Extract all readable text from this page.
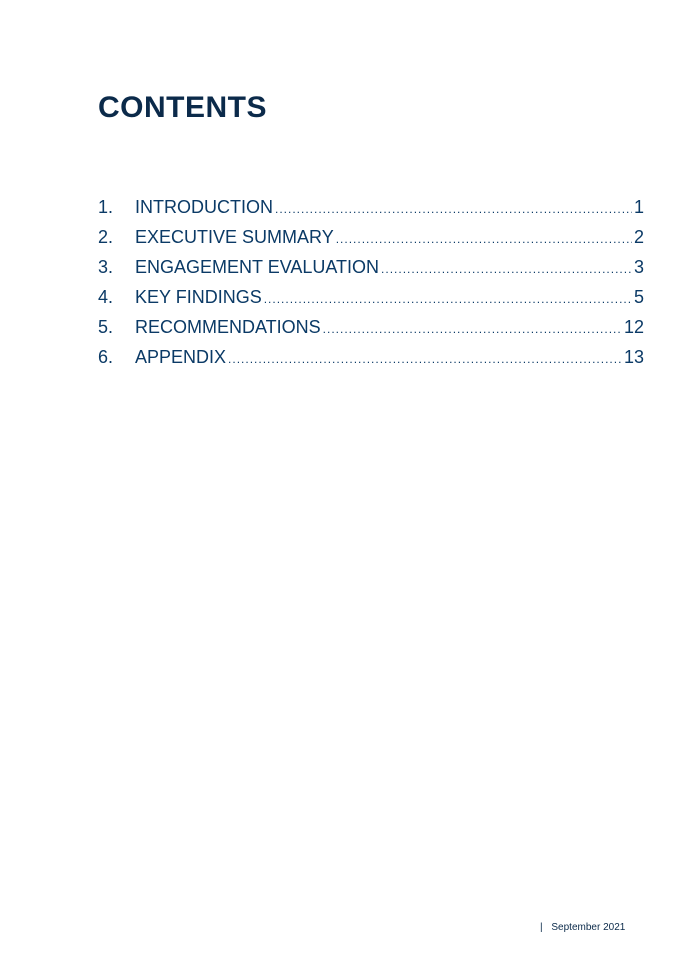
CONTENTS
1.	INTRODUCTION .....	1
2.	EXECUTIVE SUMMARY .....	2
3.	ENGAGEMENT EVALUATION .....	3
4.	KEY FINDINGS .....	5
5.	RECOMMENDATIONS .....	12
6.	APPENDIX .....	13
| September 2021
